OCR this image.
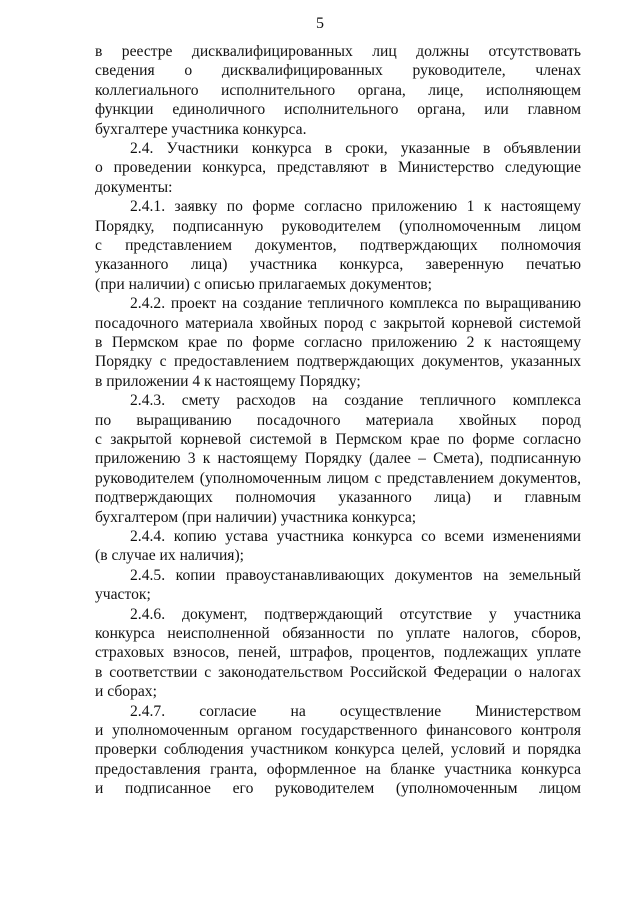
5
в реестре дисквалифицированных лиц должны отсутствовать
сведения о дисквалифицированных руководителе, членах
коллегиального исполнительного органа, лице, исполняющем
функции единоличного исполнительного органа, или главном
бухгалтере участника конкурса.
2.4. Участники конкурса в сроки, указанные в объявлении
о проведении конкурса, представляют в Министерство следующие
документы:
2.4.1. заявку по форме согласно приложению 1 к настоящему
Порядку, подписанную руководителем (уполномоченным лицом
с представлением документов, подтверждающих полномочия
указанного лица) участника конкурса, заверенную печатью
(при наличии) с описью прилагаемых документов;
2.4.2. проект на создание тепличного комплекса по выращиванию
посадочного материала хвойных пород с закрытой корневой системой
в Пермском крае по форме согласно приложению 2 к настоящему
Порядку с предоставлением подтверждающих документов, указанных
в приложении 4 к настоящему Порядку;
2.4.3. смету расходов на создание тепличного комплекса
по выращиванию посадочного материала хвойных пород
с закрытой корневой системой в Пермском крае по форме согласно
приложению 3 к настоящему Порядку (далее – Смета), подписанную
руководителем (уполномоченным лицом с представлением документов,
подтверждающих полномочия указанного лица) и главным
бухгалтером (при наличии) участника конкурса;
2.4.4. копию устава участника конкурса со всеми изменениями
(в случае их наличия);
2.4.5. копии правоустанавливающих документов на земельный
участок;
2.4.6. документ, подтверждающий отсутствие у участника
конкурса неисполненной обязанности по уплате налогов, сборов,
страховых взносов, пеней, штрафов, процентов, подлежащих уплате
в соответствии с законодательством Российской Федерации о налогах
и сборах;
2.4.7. согласие на осуществление Министерством
и уполномоченным органом государственного финансового контроля
проверки соблюдения участником конкурса целей, условий и порядка
предоставления гранта, оформленное на бланке участника конкурса
и подписанное его руководителем (уполномоченным лицом
